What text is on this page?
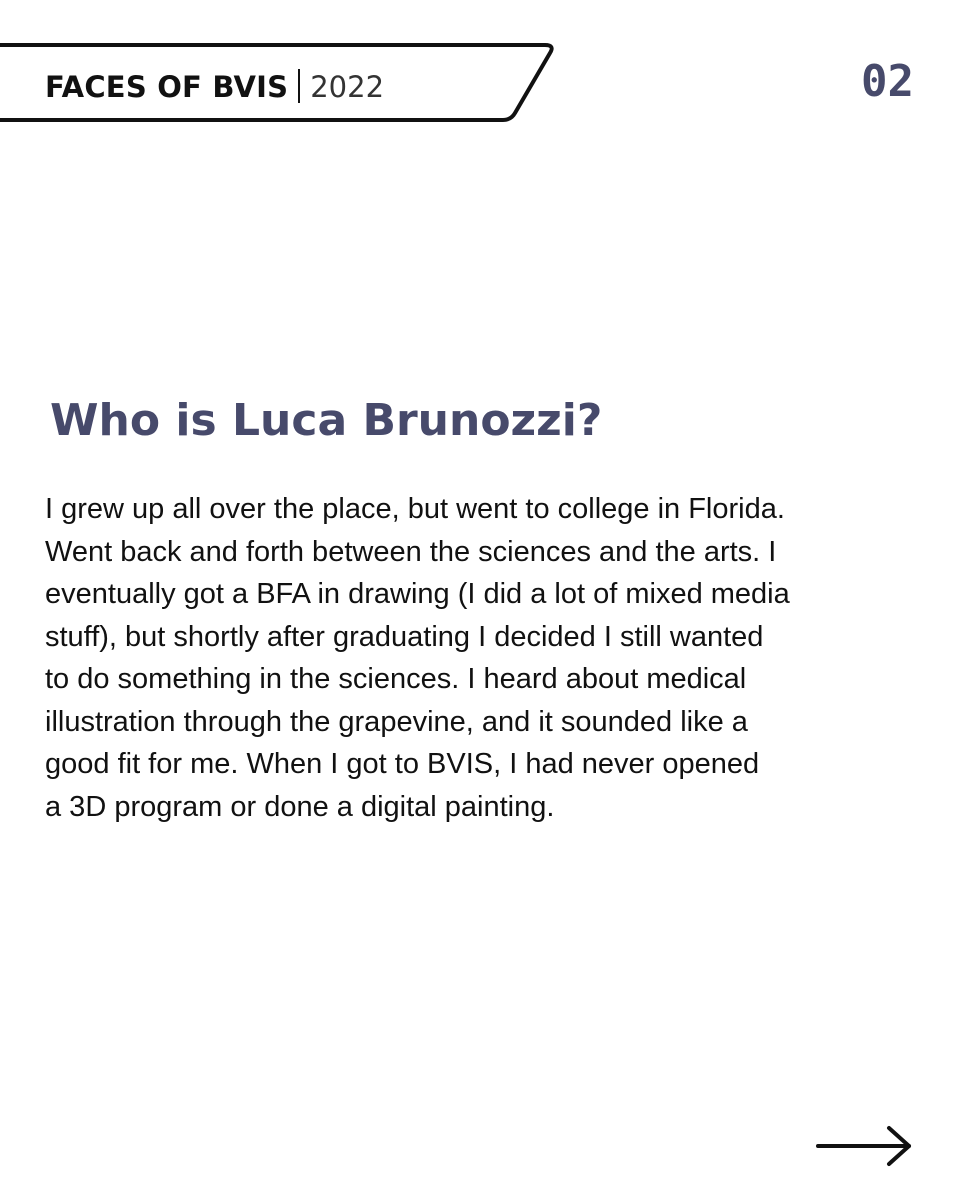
FACES OF BVIS 2022	02
Who is Luca Brunozzi?

I grew up all over the place, but went to college in Florida.
Went back and forth between the sciences and the arts. I
eventually got a BFA in drawing (I did a lot of mixed media
stuff), but shortly after graduating I decided I still wanted
to do something in the sciences. I heard about medical
illustration through the grapevine, and it sounded like a
good fit for me. When I got to BVIS, I had never opened
a 3D program or done a digital painting.
